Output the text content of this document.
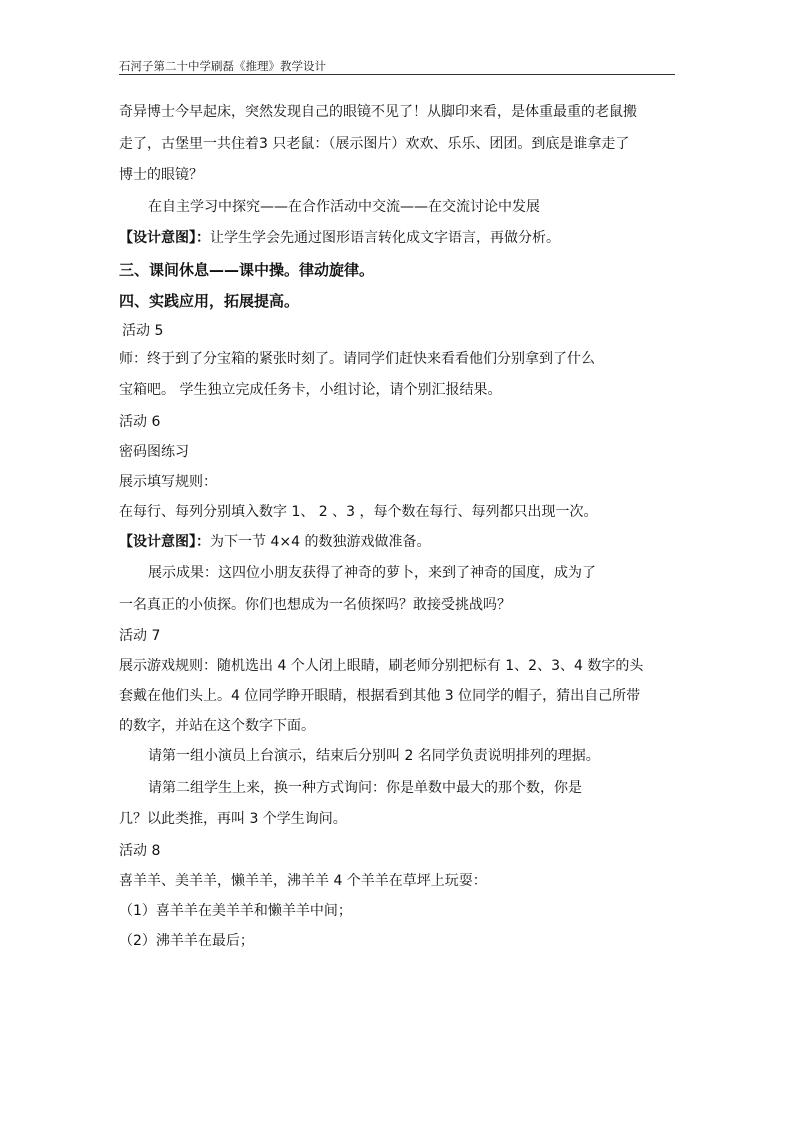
石河子第二十中学刷磊《推理》教学设计
奇异博士今早起床，突然发现自己的眼镜不见了！从脚印来看，是体重最重的老鼠搬
走了，古堡里一共住着3 只老鼠：（展示图片）欢欢、乐乐、团团。到底是谁拿走了
博士的眼镜？
在自主学习中探究——在合作活动中交流——在交流讨论中发展
【设计意图】：让学生学会先通过图形语言转化成文字语言，再做分析。
三、课间休息——课中操。律动旋律。
四、实践应用，拓展提高。
活动 5
师：终于到了分宝箱的紧张时刻了。请同学们赶快来看看他们分别拿到了什么
宝箱吧。 学生独立完成任务卡，小组讨论，请个别汇报结果。
活动 6
密码图练习
展示填写规则：
在每行、每列分别填入数字 1、 2 、3 ，每个数在每行、每列都只出现一次。
【设计意图】：为下一节 4×4 的数独游戏做准备。
展示成果：这四位小朋友获得了神奇的萝卜，来到了神奇的国度，成为了
一名真正的小侦探。你们也想成为一名侦探吗？敢接受挑战吗？
活动 7
展示游戏规则：随机选出 4 个人闭上眼睛，刷老师分别把标有 1、2、3、4 数字的头
套戴在他们头上。4 位同学睁开眼睛，根据看到其他 3 位同学的帽子，猜出自己所带
的数字，并站在这个数字下面。
请第一组小演员上台演示，结束后分别叫 2 名同学负责说明排列的理据。
请第二组学生上来，换一种方式询问：你是单数中最大的那个数，你是
几？以此类推，再叫 3 个学生询问。
活动 8
喜羊羊、美羊羊，懒羊羊，沸羊羊 4 个羊羊在草坪上玩耍：
（1）喜羊羊在美羊羊和懒羊羊中间；
（2）沸羊羊在最后；
